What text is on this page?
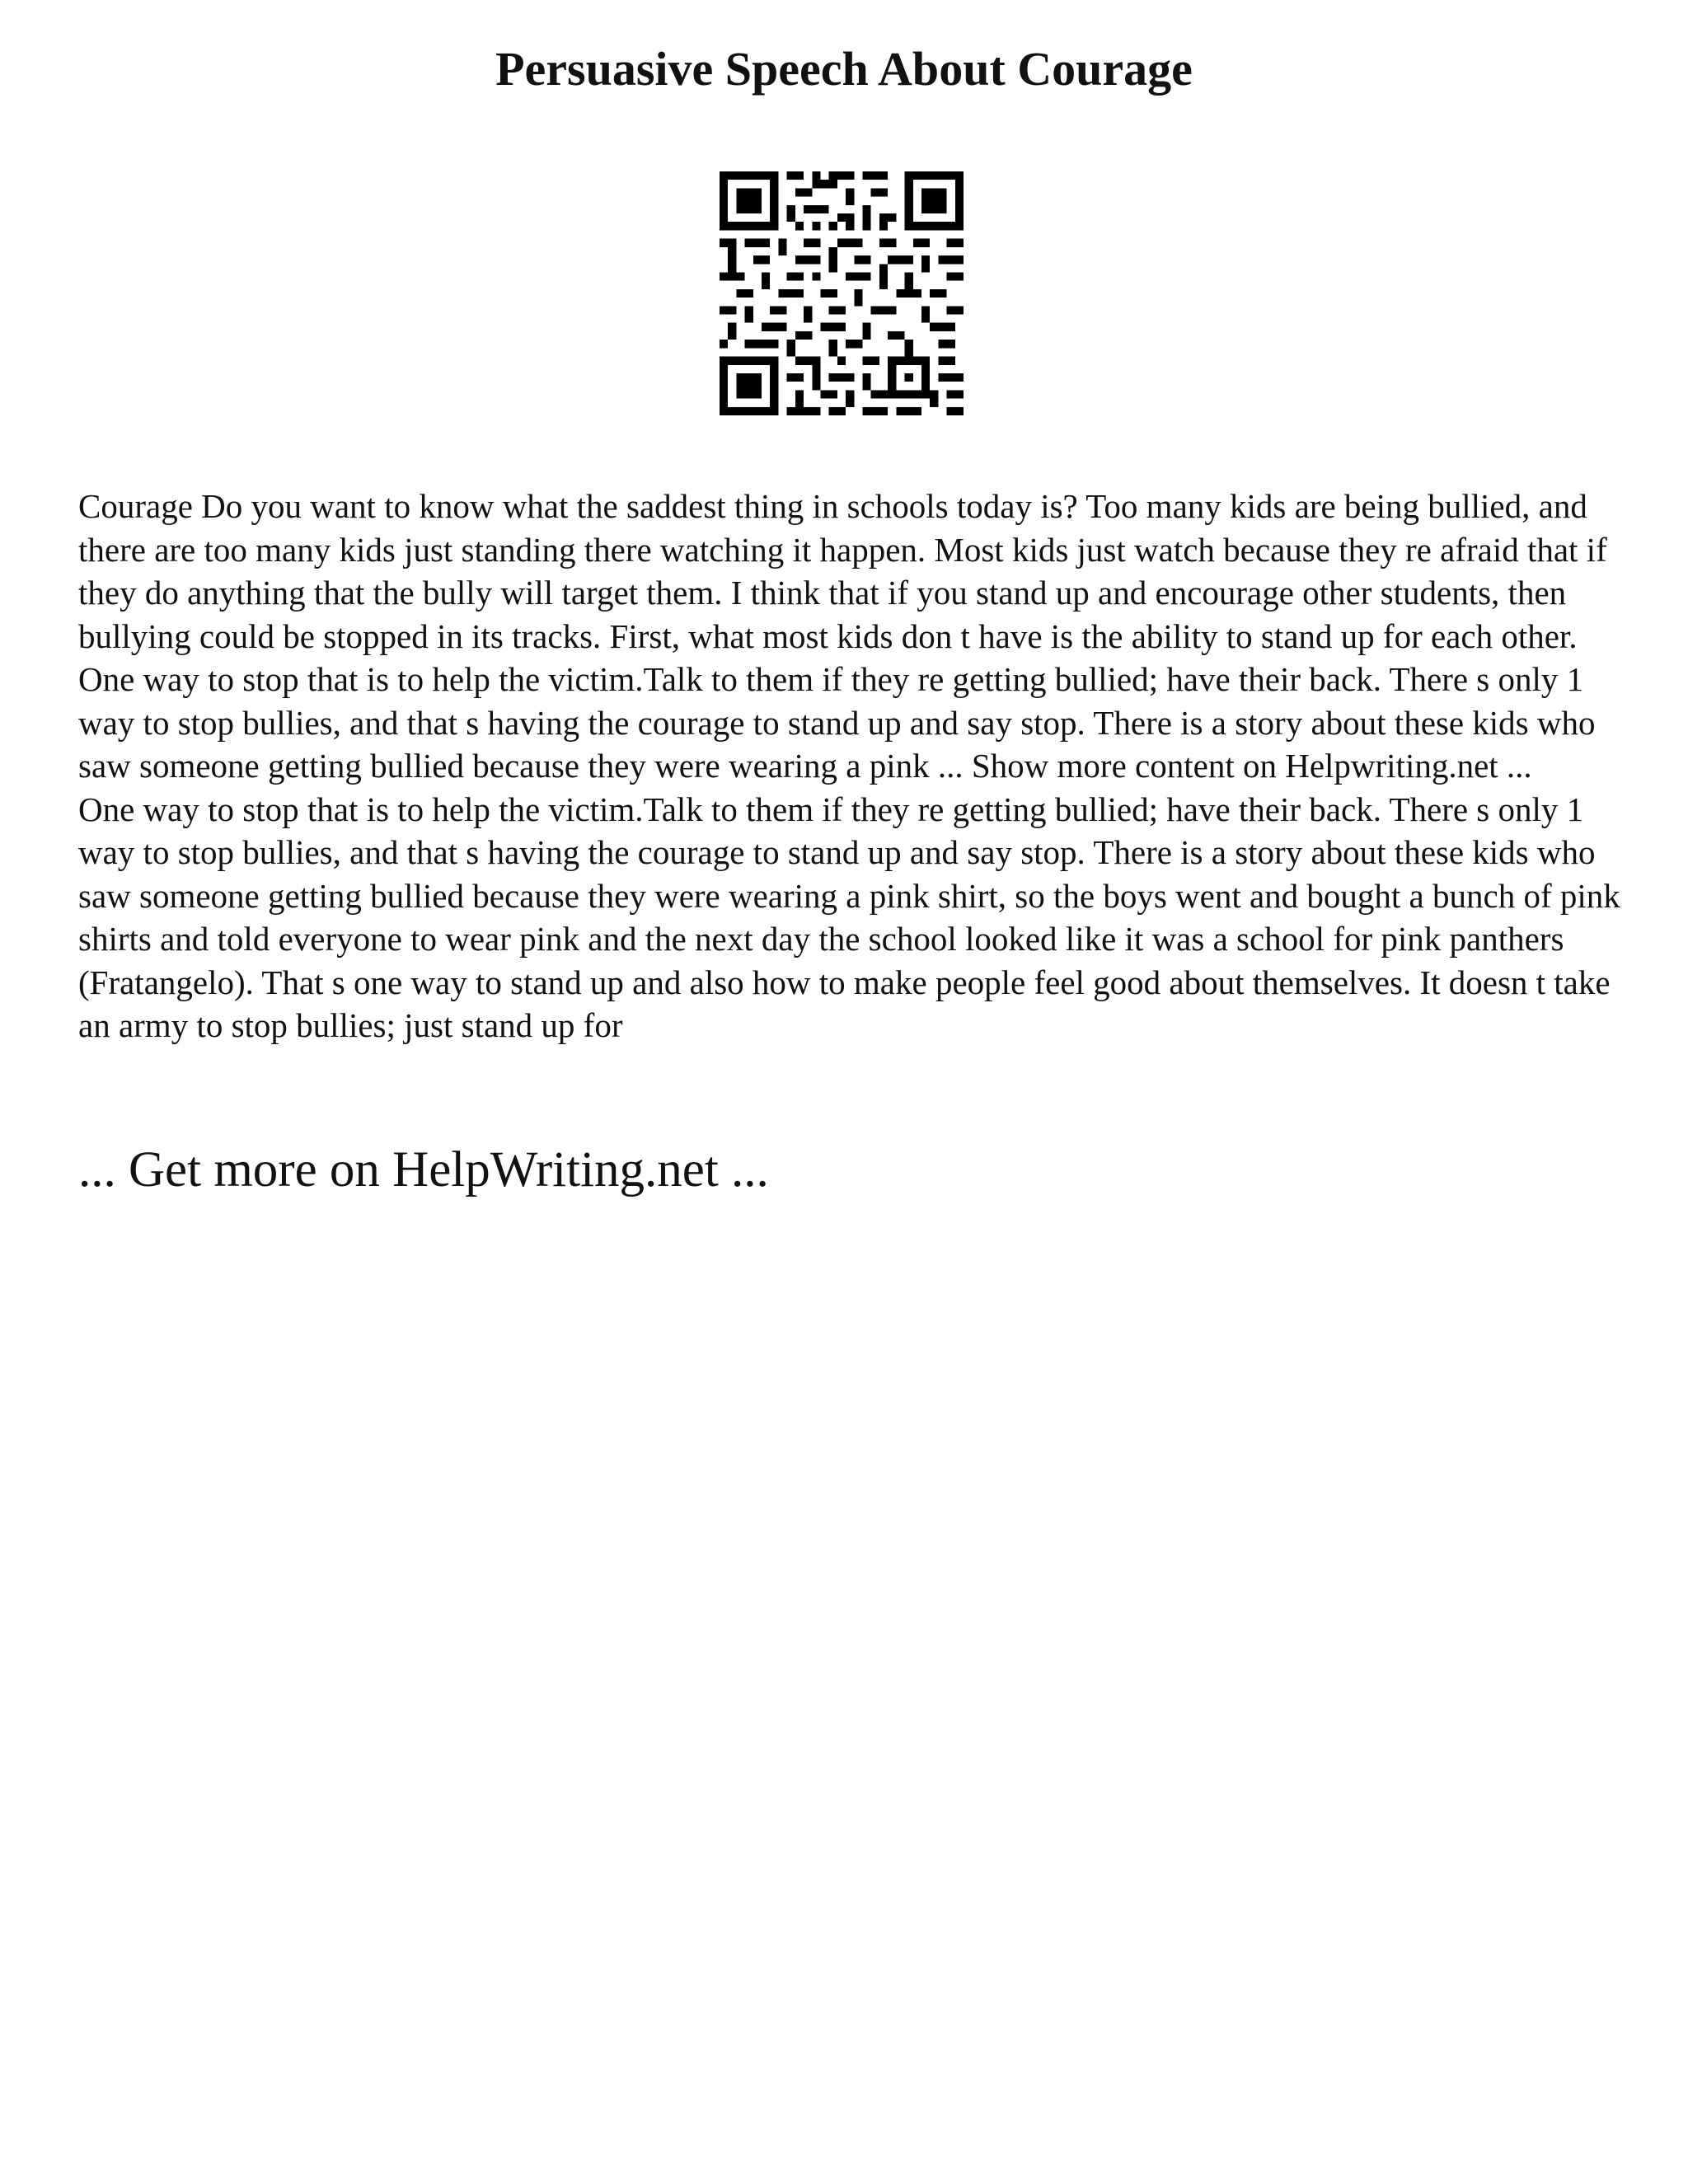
Persuasive Speech About Courage

Courage Do you want to know what the saddest thing in schools today is? Too many kids are being bullied, and there are too many kids just standing there watching it happen. Most kids just watch because they re afraid that if they do anything that the bully will target them. I think that if you stand up and encourage other students, then bullying could be stopped in its tracks. First, what most kids don t have is the ability to stand up for each other. One way to stop that is to help the victim.Talk to them if they re getting bullied; have their back. There s only 1 way to stop bullies, and that s having the courage to stand up and say stop. There is a story about these kids who saw someone getting bullied because they were wearing a pink ... Show more content on Helpwriting.net ...

One way to stop that is to help the victim.Talk to them if they re getting bullied; have their back. There s only 1 way to stop bullies, and that s having the courage to stand up and say stop. There is a story about these kids who saw someone getting bullied because they were wearing a pink shirt, so the boys went and bought a bunch of pink shirts and told everyone to wear pink and the next day the school looked like it was a school for pink panthers (Fratangelo). That s one way to stand up and also how to make people feel good about themselves. It doesn t take an army to stop bullies; just stand up for

... Get more on HelpWriting.net ...
